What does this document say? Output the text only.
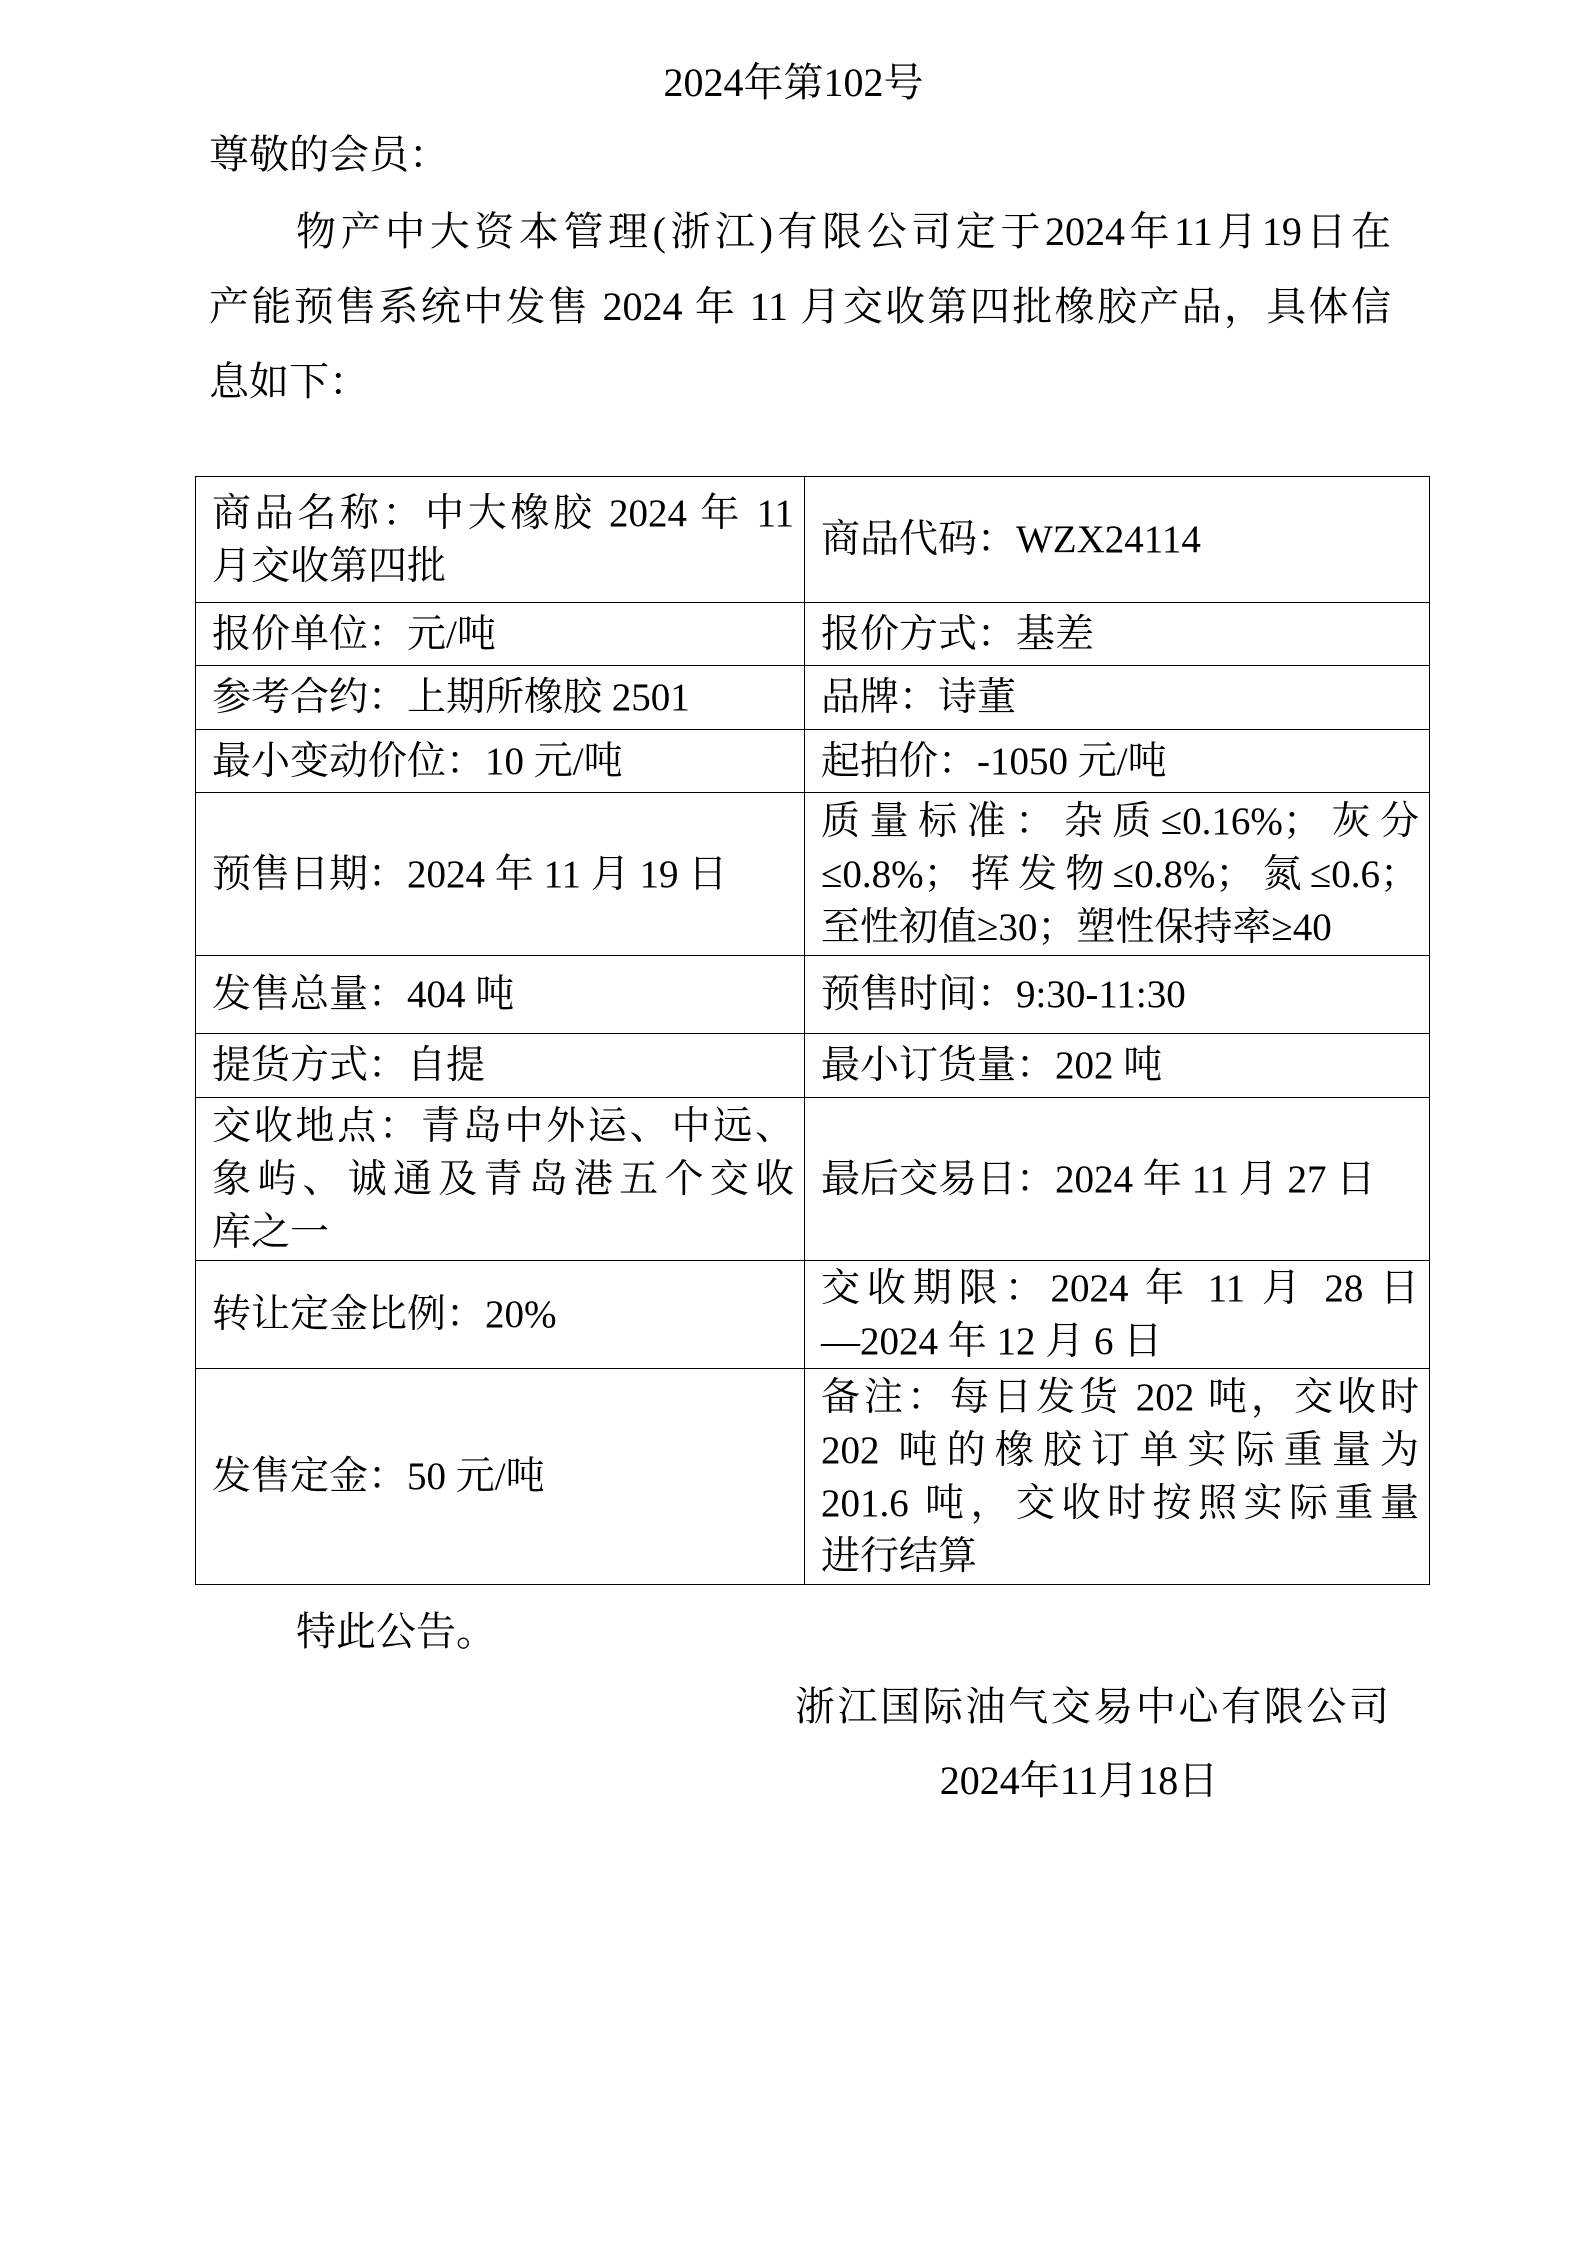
2024年第102号
尊敬的会员：
物产中大资本管理(浙江)有限公司定于2024年11月19日在
产能预售系统中发售 2024 年 11 月交收第四批橡胶产品，具体信
息如下：
商品名称：中大橡胶 2024 年 11
月交收第四批	商品代码：WZX24114

报价单位：元/吨	报价方式：基差

参考合约：上期所橡胶 2501	品牌：诗董

最小变动价位：10 元/吨	起拍价：-1050 元/吨

预售日期：2024 年 11 月 19 日	质量标准：杂质≤0.16%；灰分
≤0.8%；挥发物≤0.8%；氮≤0.6；
至性初值≥30；塑性保持率≥40

发售总量：404 吨	预售时间：9:30-11:30

提货方式：自提	最小订货量：202 吨

交收地点：青岛中外运、中远、
象屿、诚通及青岛港五个交收
库之一	最后交易日：2024 年 11 月 27 日

转让定金比例：20%	交收期限：2024 年 11 月 28 日
—2024 年 12 月 6 日

发售定金：50 元/吨	备注：每日发货 202 吨，交收时
202 吨的橡胶订单实际重量为
201.6 吨，交收时按照实际重量
进行结算
特此公告。
浙江国际油气交易中心有限公司
2024年11月18日
